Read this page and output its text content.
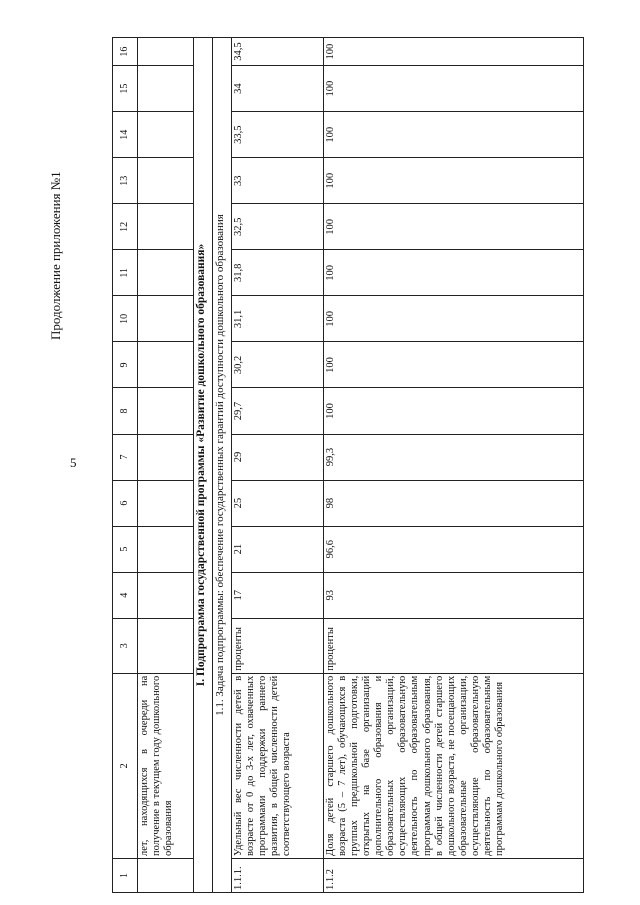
Продолжение приложения №1
5
1	2	3	4	5	6	7	8	9	10	11	12	13	14	15	16
	лет, находящихся в очереди на получение в текущем году дошкольного образования														
I. Подпрограмма государственной программы «Развитие дошкольного образования»															
1.1. Задача подпрограммы: обеспечение государственных гарантий доступности дошкольного образования															
1.1.1.	Удельный вес численности детей в возрасте от 0 до 3-х лет, охваченных программами поддержки раннего развития, в общей численности детей соответствующего возраста	проценты	17	21	25	29	29,7	30,2	31,1	31,8	32,5	33	33,5	34	34,5
1.1.2	Доля детей старшего дошкольного возраста (5 – 7 лет), обучающихся в группах предшкольной подготовки, открытых на базе организаций дополнительного образования и образовательных организаций, осуществляющих образовательную деятельность по образовательным программам дошкольного образования, в общей численности детей старшего дошкольного возраста, не посещающих образовательные организации, осуществляющие образовательную деятельность по образовательным программам дошкольного образования	проценты	93	96,6	98	99,3	100	100	100	100	100	100	100	100	100
